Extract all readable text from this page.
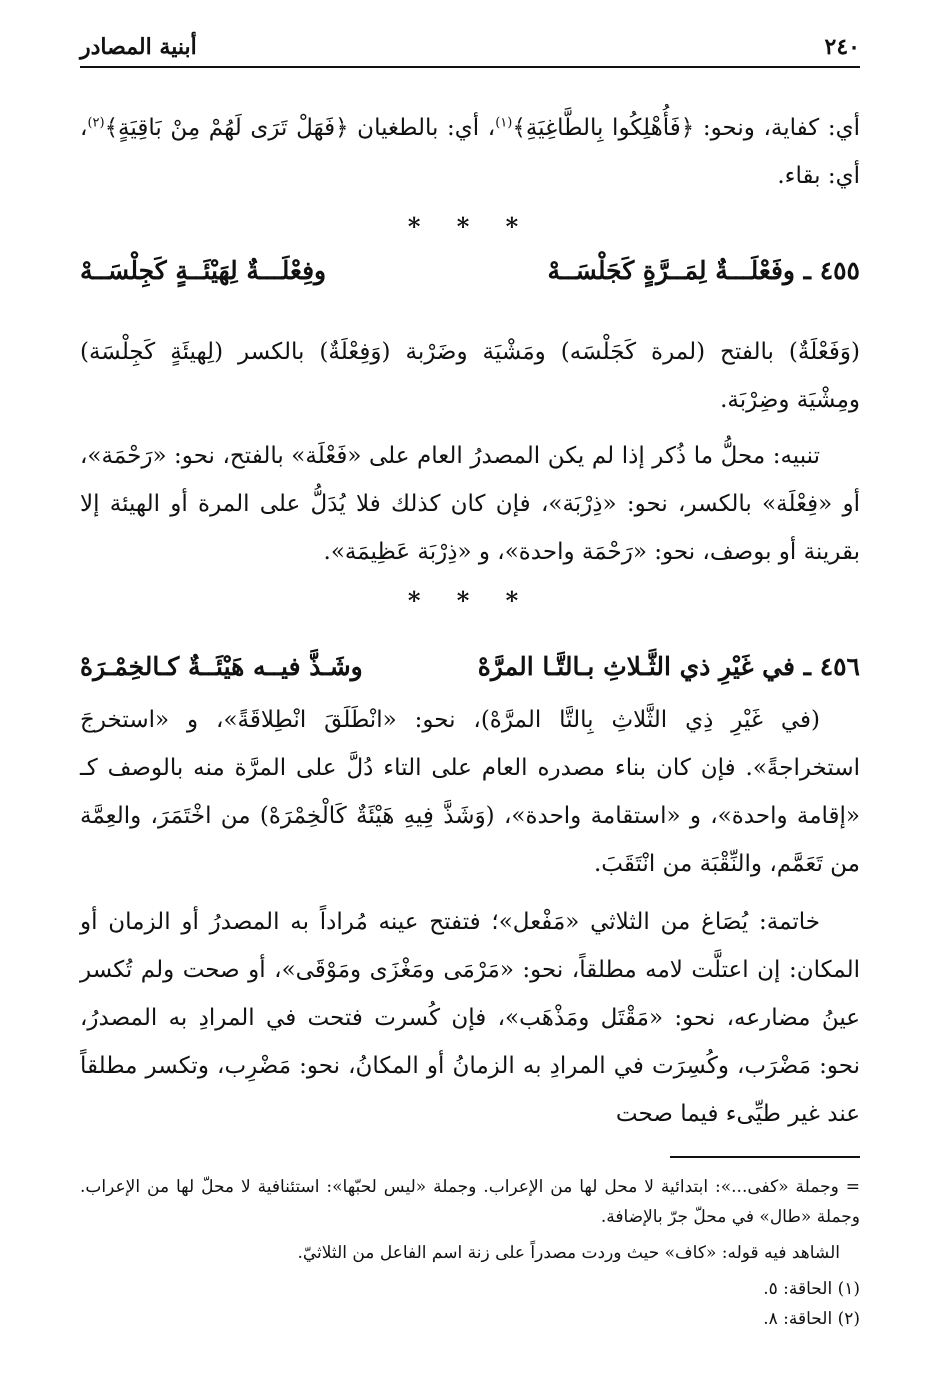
٢٤٠
أبنية المصادر

أي: كفاية، ونحو: ﴿فَأُهْلِكُوا بِالطَّاغِيَةِ﴾$^{(١)}$، أي: بالطغيان ﴿فَهَلْ تَرَى لَهُمْ مِنْ بَاقِيَةٍ﴾$^{(٢)}$، أي: بقاء.

* * *
٤٥٥ ـ وفَعْلَـــةٌ لِمَــرَّةٍ كَجَلْسَــهْ
وفِعْلَـــةٌ لِهَيْئَــةٍ كَجِلْسَــهْ

(وَفَعْلَةٌ) بالفتح (لمرة كَجَلْسَه) ومَشْيَة وضَرْبة (وَفِعْلَةٌ) بالكسر (لِهيئَةٍ كَجِلْسَة) ومِشْيَة وضِرْبَة.

تنبيه: محلُّ ما ذُكر إذا لم يكن المصدرُ العام على «فَعْلَة» بالفتح، نحو: «رَحْمَة»، أو «فِعْلَة» بالكسر، نحو: «ذِرْبَة»، فإن كان كذلك فلا يُدَلُّ على المرة أو الهيئة إلا بقرينة أو بوصف، نحو: «رَحْمَة واحدة»، و «ذِرْبَة عَظِيمَة».

* * *
٤٥٦ ـ في غَيْرِ ذي الثَّـلاثِ بـالتَّـا المرَّهْ
وشَـذَّ فيــه هَيْئَــةٌ كـالخِمْـرَهْ

(في غَيْرِ ذِي الثَّلاثِ بِالتَّا المرَّهْ)، نحو: «انْطَلَقَ انْطِلاقَةً»، و «استخرجَ استخراجةً». فإن كان بناء مصدره العام على التاء دُلَّ على المرَّة منه بالوصف كـ «إقامة واحدة»، و «استقامة واحدة»، (وَشَذَّ فِيهِ هَيْئَةٌ كَالْخِمْرَهْ) من اخْتَمَرَ، والعِمَّة من تَعَمَّم، والنِّقْبَة من انْتَقَبَ.

خاتمة: يُصَاغ من الثلاثي «مَفْعل»؛ فتفتح عينه مُراداً به المصدرُ أو الزمان أو المكان: إن اعتلَّت لامه مطلقاً، نحو: «مَرْمَى ومَغْزَى ومَوْقَى»، أو صحت ولم تُكسر عينُ مضارعه، نحو: «مَقْتَل ومَذْهَب»، فإن كُسرت فتحت في المرادِ به المصدرُ، نحو: مَضْرَب، وكُسِرَت في المرادِ به الزمانُ أو المكانُ، نحو: مَضْرِب، وتكسر مطلقاً عند غير طيِّىء فيما صحت

= وجملة «كفى...»: ابتدائية لا محل لها من الإعراب. وجملة «ليس لحبّها»: استئنافية لا محلّ لها من الإعراب. وجملة «طال» في محلّ جرّ بالإضافة.

الشاهد فيه قوله: «كاف» حيث وردت مصدراً على زنة اسم الفاعل من الثلاثيّ.

(١) الحاقة: ٥.

(٢) الحاقة: ٨.
